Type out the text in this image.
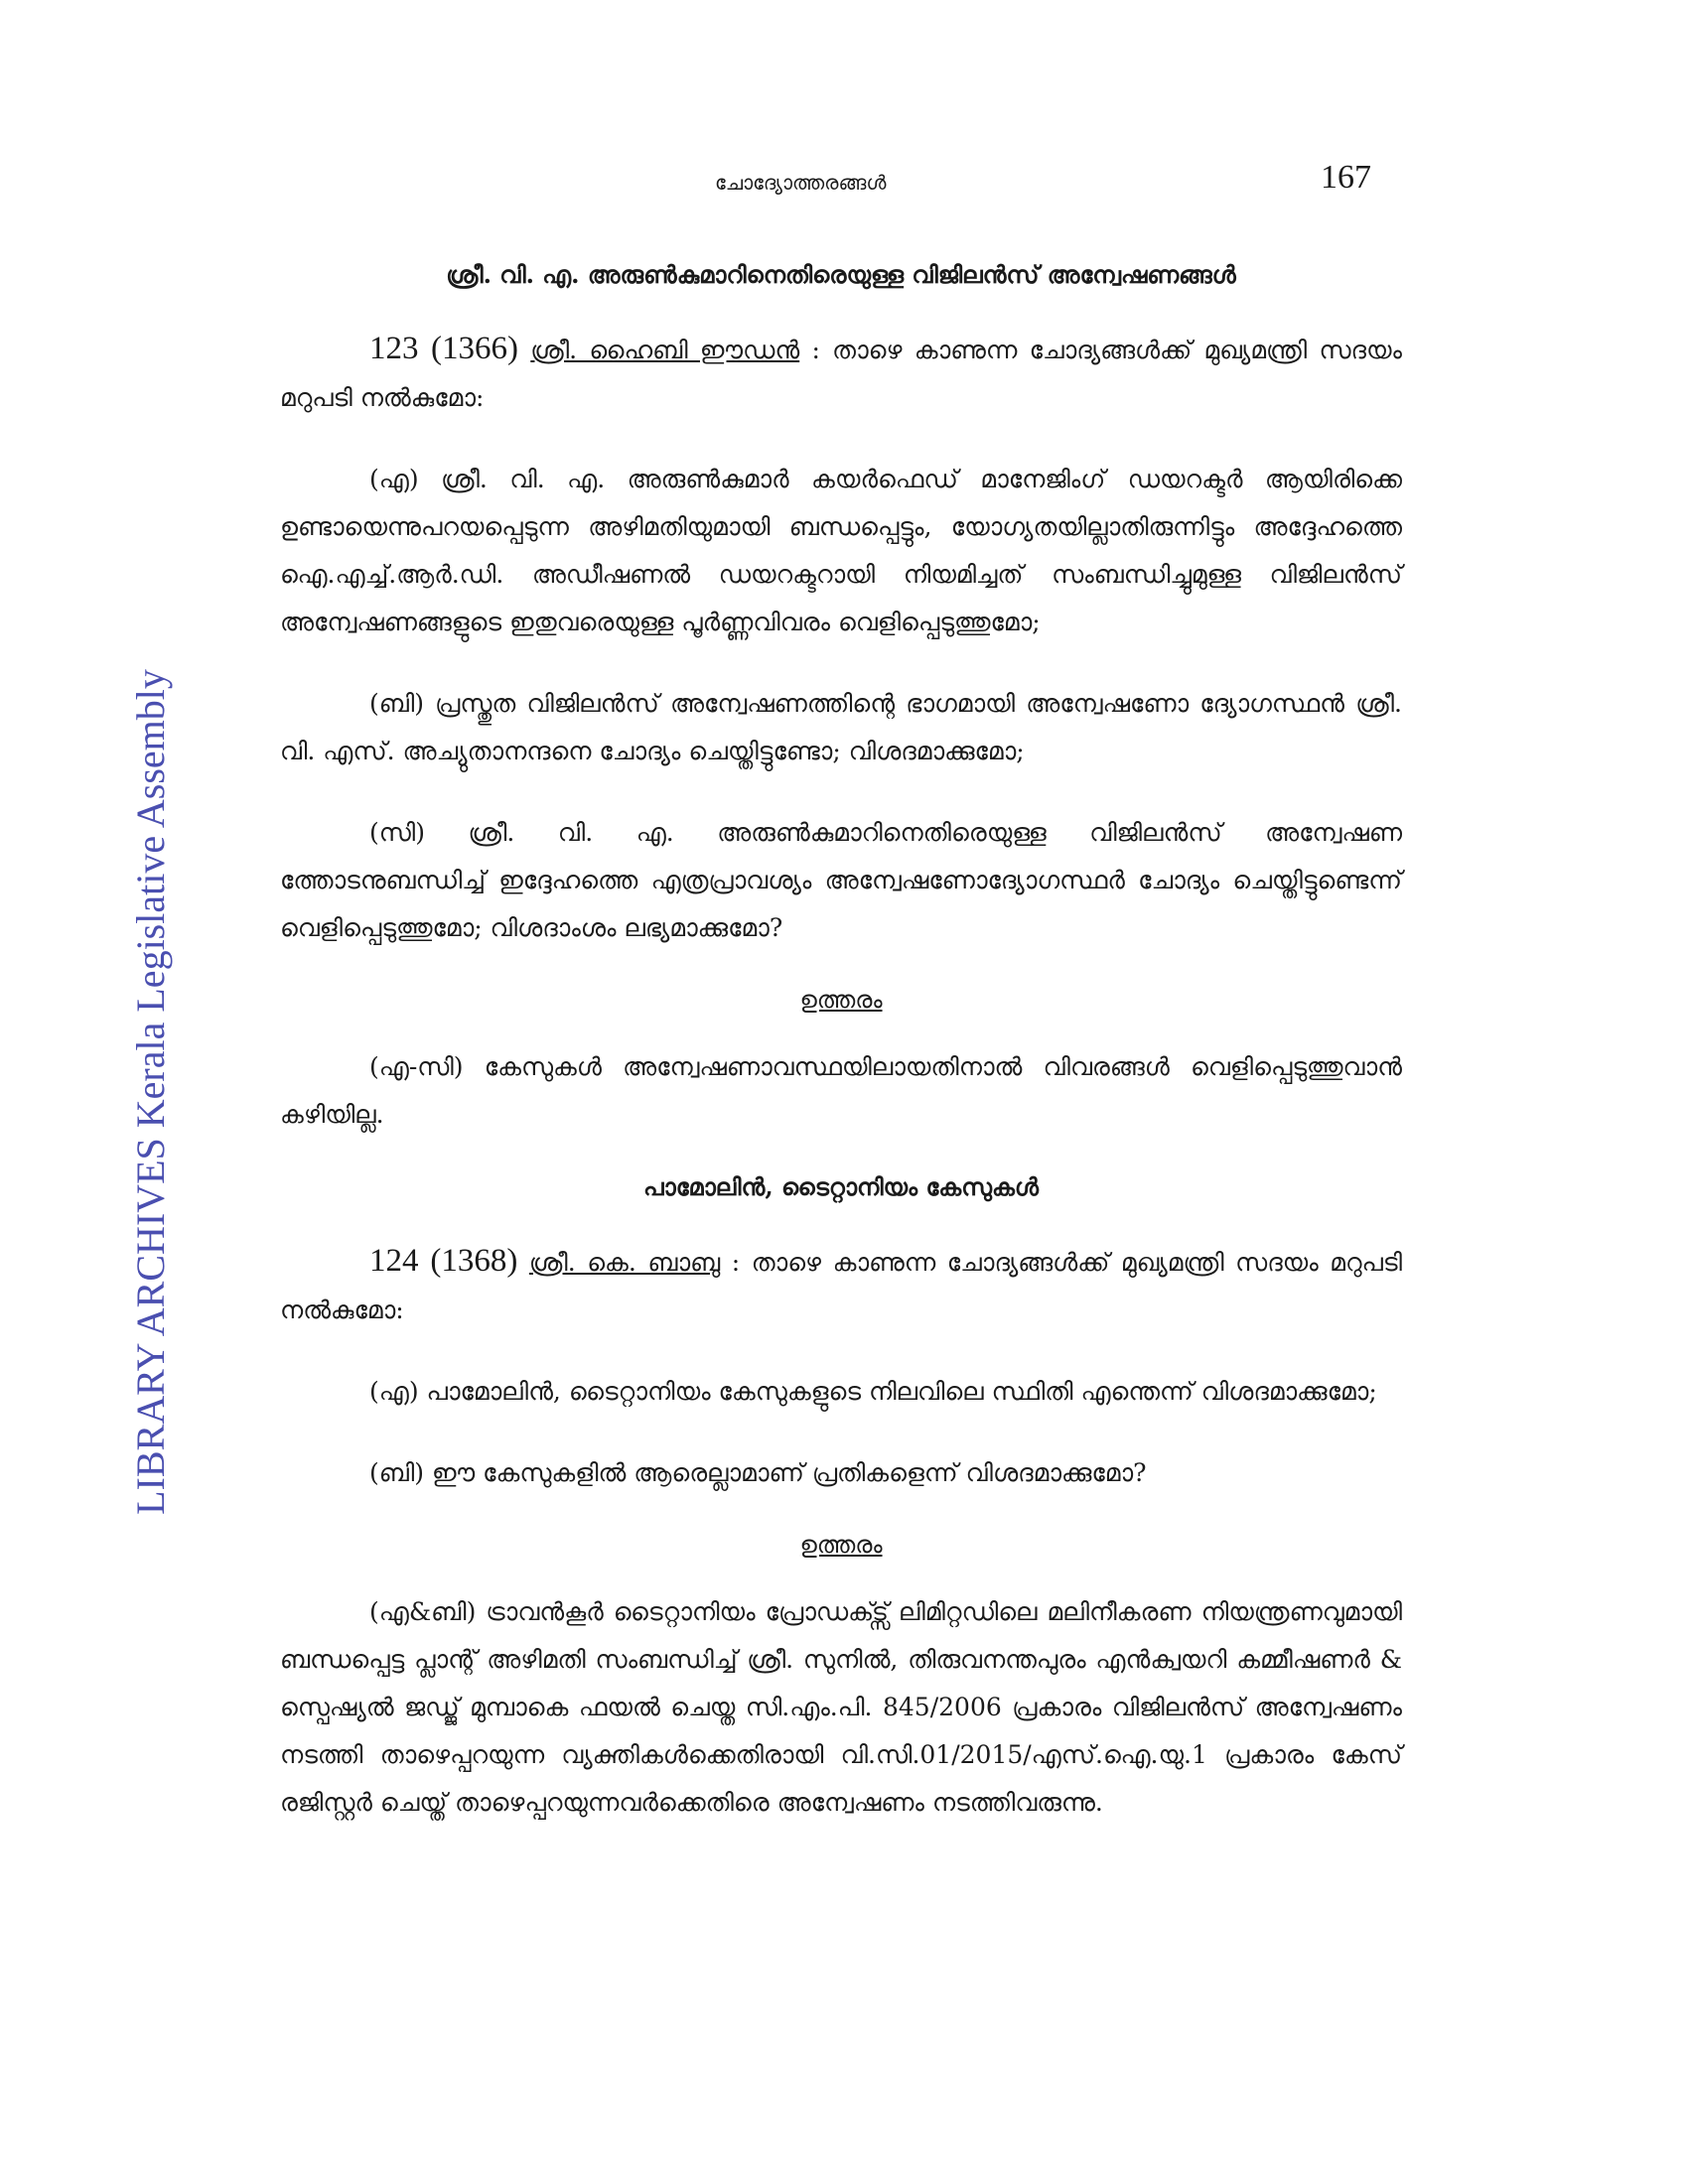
LIBRARY ARCHIVES Kerala Legislative Assembly
ചോദ്യോത്തരങ്ങൾ	167
ശ്രീ. വി. എ. അരുൺകുമാറിനെതിരെയുള്ള വിജിലൻസ് അന്വേഷണങ്ങൾ

123 (1366) ശ്രീ. ഹൈബി ഈഡൻ : താഴെ കാണുന്ന ചോദ്യങ്ങൾക്ക് മുഖ്യമന്ത്രി സദയം മറുപടി നൽകുമോ:

(എ) ശ്രീ. വി. എ. അരുൺകുമാർ കയർഫെഡ് മാനേജിംഗ് ഡയറക്ടർ ആയിരിക്കെ ഉണ്ടായെന്നുപറയപ്പെടുന്ന അഴിമതിയുമായി ബന്ധപ്പെട്ടും, യോഗ്യതയില്ലാതിരുന്നിട്ടും അദ്ദേഹത്തെ ഐ.എച്ച്.ആർ.ഡി. അഡീഷണൽ ഡയറക്ടറായി നിയമിച്ചത് സംബന്ധിച്ചുമുള്ള വിജിലൻസ് അന്വേഷണങ്ങളുടെ ഇതുവരെയുള്ള പൂർണ്ണവിവരം വെളിപ്പെടുത്തുമോ;

(ബി) പ്രസ്തുത വിജിലൻസ് അന്വേഷണത്തിന്റെ ഭാഗമായി അന്വേഷണോ ദ്യോഗസ്ഥൻ ശ്രീ. വി. എസ്. അച്യുതാനന്ദനെ ചോദ്യം ചെയ്തിട്ടുണ്ടോ; വിശദമാക്കുമോ;

(സി) ശ്രീ. വി. എ. അരുൺകുമാറിനെതിരെയുള്ള വിജിലൻസ് അന്വേഷണ ത്തോടനുബന്ധിച്ച് ഇദ്ദേഹത്തെ എത്രപ്രാവശ്യം അന്വേഷണോദ്യോഗസ്ഥർ ചോദ്യം ചെയ്തിട്ടുണ്ടെന്ന് വെളിപ്പെടുത്തുമോ; വിശദാംശം ലഭ്യമാക്കുമോ?

ഉത്തരം

(എ-സി) കേസുകൾ അന്വേഷണാവസ്ഥയിലായതിനാൽ വിവരങ്ങൾ വെളിപ്പെടുത്തുവാൻ കഴിയില്ല.

പാമോലിൻ, ടൈറ്റാനിയം കേസുകൾ

124 (1368) ശ്രീ. കെ. ബാബു : താഴെ കാണുന്ന ചോദ്യങ്ങൾക്ക് മുഖ്യമന്ത്രി സദയം മറുപടി നൽകുമോ:

(എ) പാമോലിൻ, ടൈറ്റാനിയം കേസുകളുടെ നിലവിലെ സ്ഥിതി എന്തെന്ന് വിശദമാക്കുമോ;

(ബി) ഈ കേസുകളിൽ ആരെല്ലാമാണ് പ്രതികളെന്ന് വിശദമാക്കുമോ?

ഉത്തരം

(എ&ബി) ട്രാവൻകൂർ ടൈറ്റാനിയം പ്രോഡക്ട്സ് ലിമിറ്റഡിലെ മലിനീകരണ നിയന്ത്രണവുമായി ബന്ധപ്പെട്ട പ്ലാന്റ് അഴിമതി സംബന്ധിച്ച് ശ്രീ. സുനിൽ, തിരുവനന്തപുരം എൻക്വയറി കമ്മീഷണർ & സ്പെഷ്യൽ ജഡ്ജ് മുമ്പാകെ ഫയൽ ചെയ്ത സി.എം.പി. 845/2006 പ്രകാരം വിജിലൻസ് അന്വേഷണം നടത്തി താഴെപ്പറയുന്ന വ്യക്തികൾക്കെതിരായി വി.സി.01/2015/എസ്.ഐ.യു.1 പ്രകാരം കേസ് രജിസ്റ്റർ ചെയ്ത് താഴെപ്പറയുന്നവർക്കെതിരെ അന്വേഷണം നടത്തിവരുന്നു.
